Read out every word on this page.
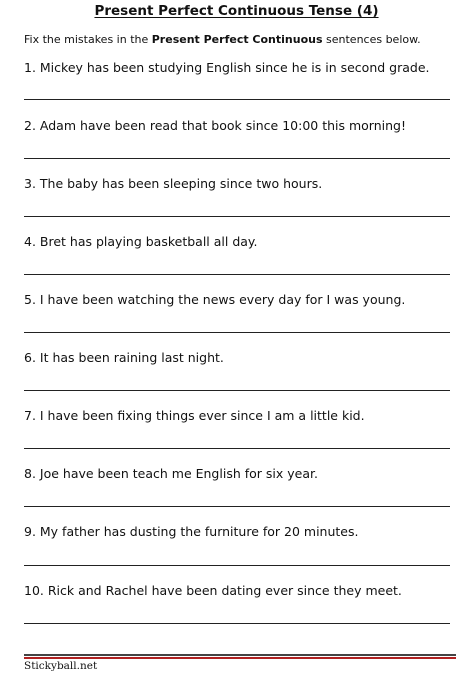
Present Perfect Continuous Tense (4)
Fix the mistakes in the Present Perfect Continuous sentences below.
1. Mickey has been studying English since he is in second grade.
2. Adam have been read that book since 10:00 this morning!
3. The baby has been sleeping since two hours.
4. Bret has playing basketball all day.
5. I have been watching the news every day for I was young.
6. It has been raining last night.
7. I have been fixing things ever since I am a little kid.
8. Joe have been teach me English for six year.
9. My father has dusting the furniture for 20 minutes.
10. Rick and Rachel have been dating ever since they meet.
Stickyball.net
